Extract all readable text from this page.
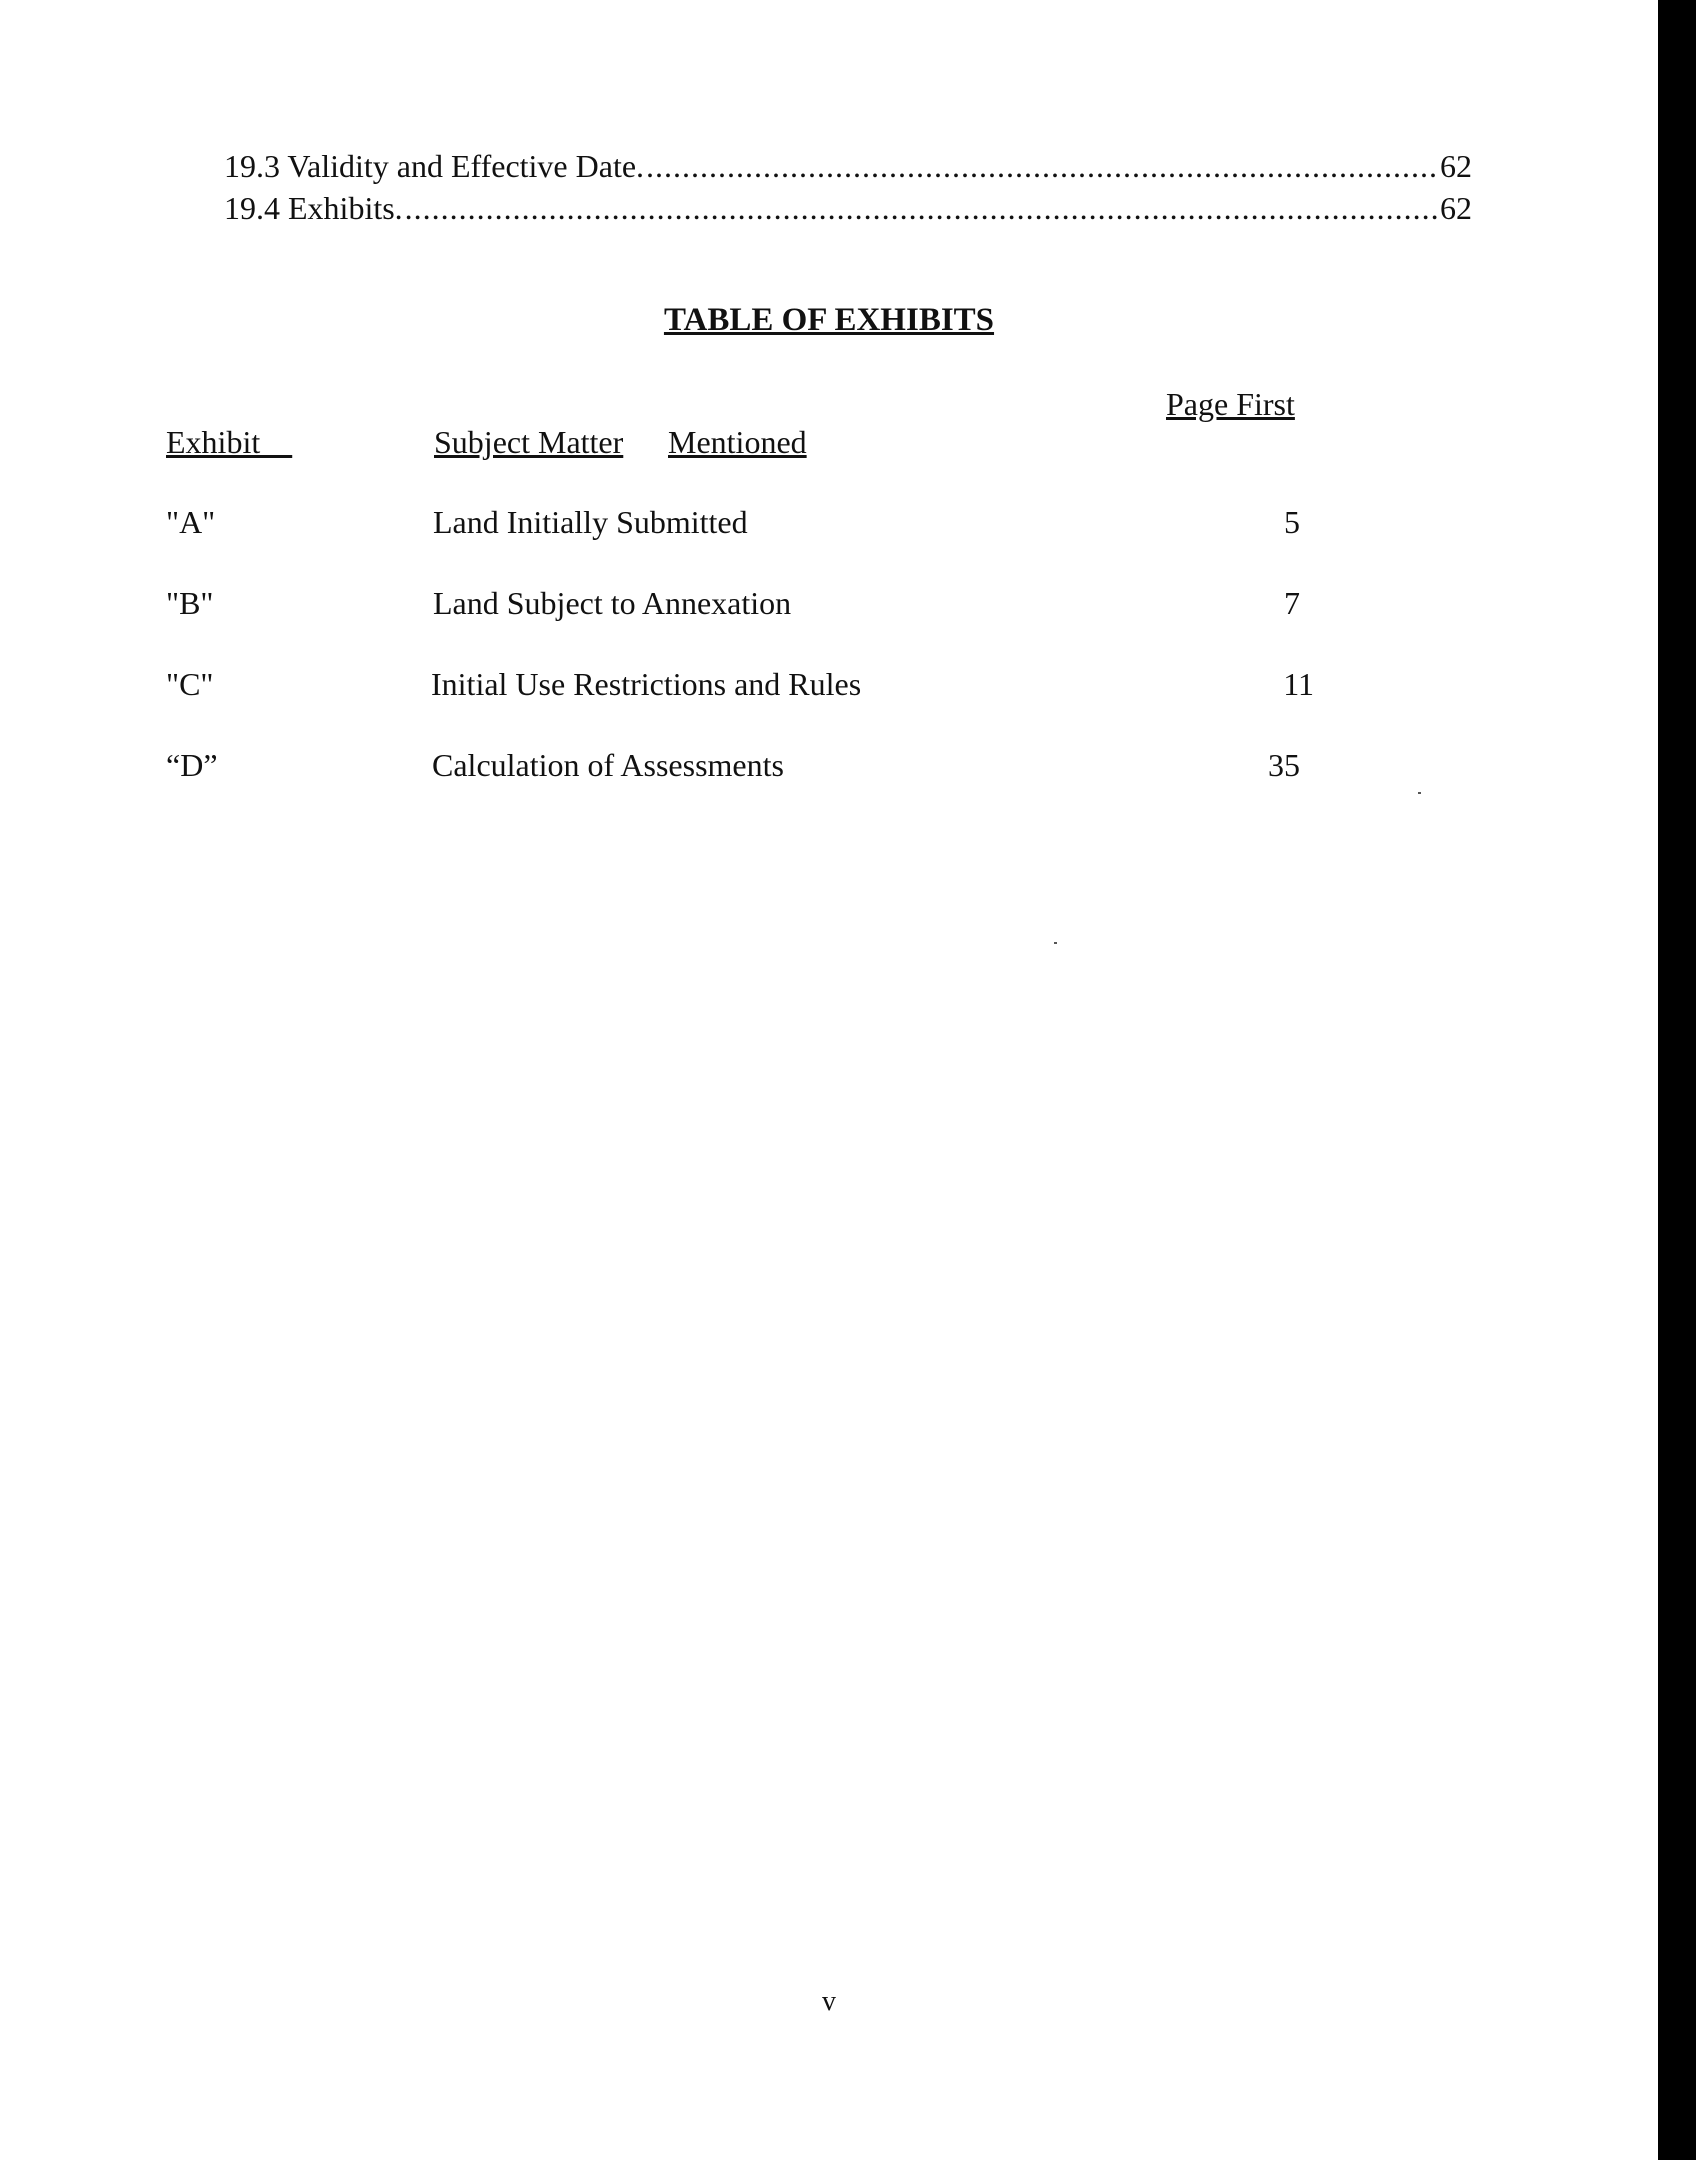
19.3 Validity and Effective Date. .....	62
19.4 Exhibits. .....	62
TABLE OF EXHIBITS
Page First
Exhibit	Subject Matter Mentioned
"A"	Land Initially Submitted	5
"B"	Land Subject to Annexation	7
"C"	Initial Use Restrictions and Rules	11
“D”	Calculation of Assessments	35
v
